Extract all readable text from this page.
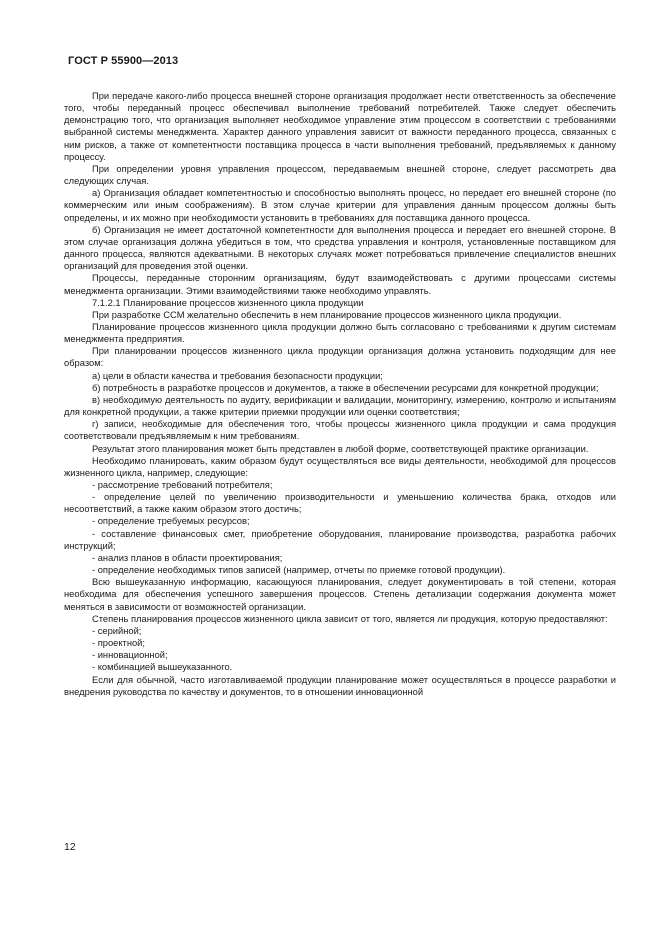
ГОСТ Р 55900—2013

При передаче какого-либо процесса внешней стороне организация продолжает нести ответственность за обеспечение того, чтобы переданный процесс обеспечивал выполнение требований потребителей. Также следует обеспечить демонстрацию того, что организация выполняет необходимое управление этим процессом в соответствии с требованиями выбранной системы менеджмента. Характер данного управления зависит от важности переданного процесса, связанных с ним рисков, а также от компетентности поставщика процесса в части выполнения требований, предъявляемых к данному процессу.

При определении уровня управления процессом, передаваемым внешней стороне, следует рассмотреть два следующих случая.

а) Организация обладает компетентностью и способностью выполнять процесс, но передает его внешней стороне (по коммерческим или иным соображениям). В этом случае критерии для управления данным процессом должны быть определены, и их можно при необходимости установить в требованиях для поставщика данного процесса.

б) Организация не имеет достаточной компетентности для выполнения процесса и передает его внешней стороне. В этом случае организация должна убедиться в том, что средства управления и контроля, установленные поставщиком для данного процесса, являются адекватными. В некоторых случаях может потребоваться привлечение специалистов внешних организаций для проведения этой оценки.

Процессы, переданные сторонним организациям, будут взаимодействовать с другими процессами системы менеджмента организации. Этими взаимодействиями также необходимо управлять.

7.1.2.1 Планирование процессов жизненного цикла продукции

При разработке ССМ желательно обеспечить в нем планирование процессов жизненного цикла продукции.

Планирование процессов жизненного цикла продукции должно быть согласовано с требованиями к другим системам менеджмента предприятия.

При планировании процессов жизненного цикла продукции организация должна установить подходящим для нее образом:

а) цели в области качества и требования безопасности продукции;

б) потребность в разработке процессов и документов, а также в обеспечении ресурсами для конкретной продукции;

в) необходимую деятельность по аудиту, верификации и валидации, мониторингу, измерению, контролю и испытаниям для конкретной продукции, а также критерии приемки продукции или оценки соответствия;

г) записи, необходимые для обеспечения того, чтобы процессы жизненного цикла продукции и сама продукция соответствовали предъявляемым к ним требованиям.

Результат этого планирования может быть представлен в любой форме, соответствующей практике организации.

Необходимо планировать, каким образом будут осуществляться все виды деятельности, необходимой для процессов жизненного цикла, например, следующие:

- рассмотрение требований потребителя;

- определение целей по увеличению производительности и уменьшению количества брака, отходов или несоответствий, а также каким образом этого достичь;

- определение требуемых ресурсов;

- составление финансовых смет, приобретение оборудования, планирование производства, разработка рабочих инструкций;

- анализ планов в области проектирования;

- определение необходимых типов записей (например, отчеты по приемке готовой продукции).

Всю вышеуказанную информацию, касающуюся планирования, следует документировать в той степени, которая необходима для обеспечения успешного завершения процессов. Степень детализации содержания документа может меняться в зависимости от возможностей организации.

Степень планирования процессов жизненного цикла зависит от того, является ли продукция, которую предоставляют:

- серийной;

- проектной;

- инновационной;

- комбинацией вышеуказанного.

Если для обычной, часто изготавливаемой продукции планирование может осуществляться в процессе разработки и внедрения руководства по качеству и документов, то в отношении инновационной

12
